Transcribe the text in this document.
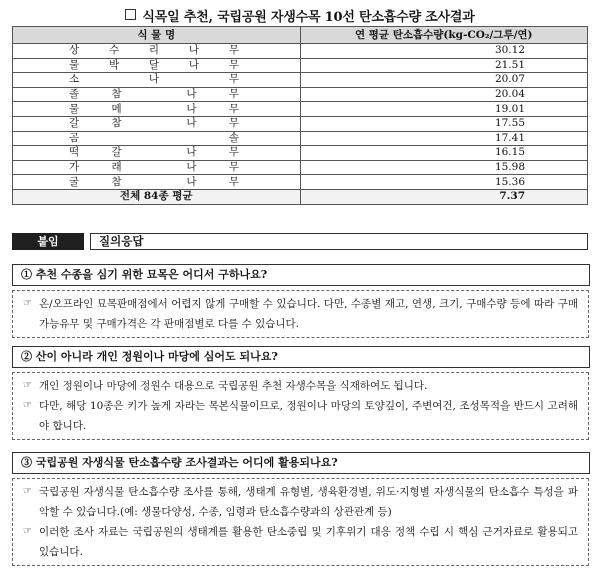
식목일 추천, 국립공원 자생수목 10선 탄소흡수량 조사결과
식 물 명	연 평균 탄소흡수량(kg-CO₂/그루/연)

상 수 리 나 무	30.12

물 박 달 나 무	21.51

소 나 무	20.07

졸 참 나 무	20.04

물 메 나 무	19.01

갈 참 나 무	17.55

곰 솔	17.41

떡 갈 나 무	16.15

가 래 나 무	15.98

굴 참 나 무	15.36
전체 84종 평균	7.37
붙임	질의응답
① 추천 수종을 심기 위한 묘목은 어디서 구하나요?
☞ 온/오프라인 묘목판매점에서 어렵지 않게 구매할 수 있습니다. 다만, 수종별 재고, 연생, 크기, 구매수량 등에 따라 구매가능유무 및 구매가격은 각 판매점별로 다를 수 있습니다.
② 산이 아니라 개인 정원이나 마당에 심어도 되나요?
☞ 개인 정원이나 마당에 정원수 대용으로 국립공원 추천 자생수목을 식재하여도 됩니다.
☞ 다만, 해당 10종은 키가 높게 자라는 목본식물이므로, 정원이나 마당의 토양깊이, 주변여건, 조성목적을 반드시 고려해야 합니다.
③ 국립공원 자생식물 탄소흡수량 조사결과는 어디에 활용되나요?
☞ 국립공원 자생식물 탄소흡수량 조사를 통해, 생태계 유형별, 생육환경별, 위도·지형별 자생식물의 탄소흡수 특성을 파악할 수 있습니다.(예: 생물다양성, 수종, 임령과 탄소흡수량과의 상관관계 등)
☞ 이러한 조사 자료는 국립공원의 생태계를 활용한 탄소중립 및 기후위기 대응 정책 수립 시 핵심 근거자료로 활용되고 있습니다.
